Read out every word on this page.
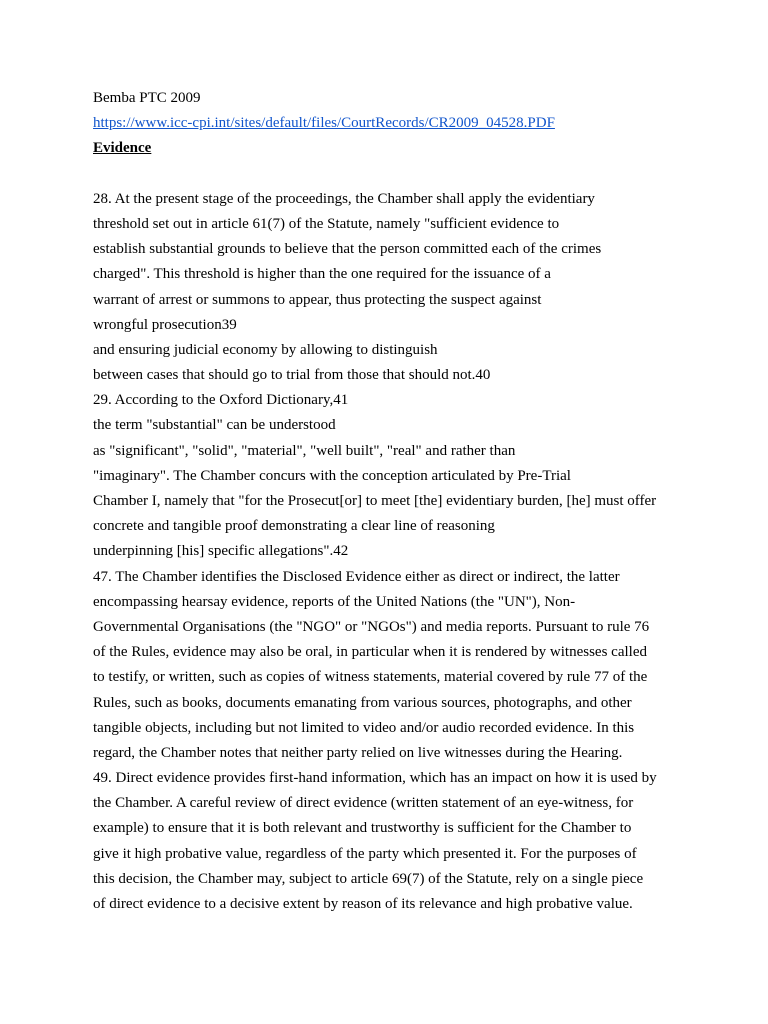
Bemba PTC 2009
https://www.icc-cpi.int/sites/default/files/CourtRecords/CR2009_04528.PDF
Evidence
28. At the present stage of the proceedings, the Chamber shall apply the evidentiary
threshold set out in article 61(7) of the Statute, namely "sufficient evidence to
establish substantial grounds to believe that the person committed each of the crimes
charged". This threshold is higher than the one required for the issuance of a
warrant of arrest or summons to appear, thus protecting the suspect against
wrongful prosecution39
and ensuring judicial economy by allowing to distinguish
between cases that should go to trial from those that should not.40
29. According to the Oxford Dictionary,41
the term "substantial" can be understood
as "significant", "solid", "material", "well built", "real" and rather than
"imaginary". The Chamber concurs with the conception articulated by Pre-Trial
Chamber I, namely that "for the Prosecut[or] to meet [the] evidentiary burden, [he] must offer
concrete and tangible proof demonstrating a clear line of reasoning
underpinning [his] specific allegations".42
47. The Chamber identifies the Disclosed Evidence either as direct or indirect, the latter
encompassing hearsay evidence, reports of the United Nations (the "UN"), Non-
Governmental Organisations (the "NGO" or "NGOs") and media reports. Pursuant to rule 76
of the Rules, evidence may also be oral, in particular when it is rendered by witnesses called
to testify, or written, such as copies of witness statements, material covered by rule 77 of the
Rules, such as books, documents emanating from various sources, photographs, and other
tangible objects, including but not limited to video and/or audio recorded evidence. In this
regard, the Chamber notes that neither party relied on live witnesses during the Hearing.
49. Direct evidence provides first-hand information, which has an impact on how it is used by
the Chamber. A careful review of direct evidence (written statement of an eye-witness, for
example) to ensure that it is both relevant and trustworthy is sufficient for the Chamber to
give it high probative value, regardless of the party which presented it. For the purposes of
this decision, the Chamber may, subject to article 69(7) of the Statute, rely on a single piece
of direct evidence to a decisive extent by reason of its relevance and high probative value.
